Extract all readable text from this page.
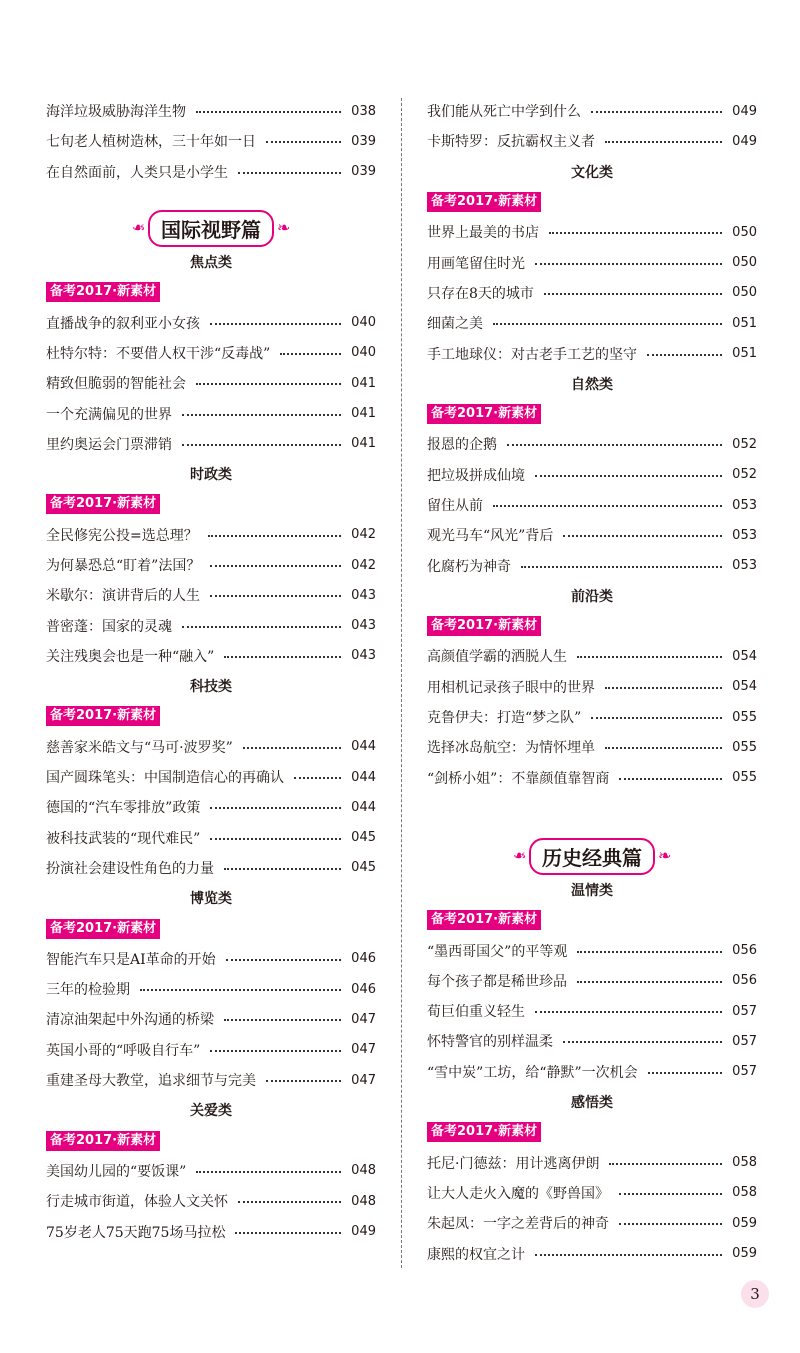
海洋垃圾威胁海洋生物	038
七旬老人植树造林，三十年如一日	039
在自然面前，人类只是小学生	039
❧ 国际视野篇	❧
焦点类
备考2017·新素材
直播战争的叙利亚小女孩	040
杜特尔特：不要借人权干涉“反毒战”	040
精致但脆弱的智能社会	041
一个充满偏见的世界	041
里约奥运会门票滞销	041
时政类
备考2017·新素材
全民修宪公投=选总理？	042
为何暴恐总“盯着”法国？	042
米歇尔：演讲背后的人生	043
普密蓬：国家的灵魂	043
关注残奥会也是一种“融入”	043
科技类
备考2017·新素材
慈善家米皓文与“马可·波罗奖”	044
国产圆珠笔头：中国制造信心的再确认	044
德国的“汽车零排放”政策	044
被科技武装的“现代难民”	045
扮演社会建设性角色的力量	045
博览类
备考2017·新素材
智能汽车只是AI革命的开始	046
三年的检验期	046
清凉油架起中外沟通的桥梁	047
英国小哥的“呼吸自行车”	047
重建圣母大教堂，追求细节与完美	047
关爱类
备考2017·新素材
美国幼儿园的“要饭课”	048
行走城市街道，体验人文关怀	048
75岁老人75天跑75场马拉松	049
我们能从死亡中学到什么	049
卡斯特罗：反抗霸权主义者	049
文化类
备考2017·新素材
世界上最美的书店	050
用画笔留住时光	050
只存在8天的城市	050
细菌之美	051
手工地球仪：对古老手工艺的坚守	051
自然类
备考2017·新素材
报恩的企鹅	052
把垃圾拼成仙境	052
留住从前	053
观光马车“风光”背后	053
化腐朽为神奇	053
前沿类
备考2017·新素材
高颜值学霸的洒脱人生	054
用相机记录孩子眼中的世界	054
克鲁伊夫：打造“梦之队”	055
选择冰岛航空：为情怀埋单	055
“剑桥小姐”：不靠颜值靠智商	055
❧ 历史经典篇	❧
温情类
备考2017·新素材
“墨西哥国父”的平等观	056
每个孩子都是稀世珍品	056
荀巨伯重义轻生	057
怀特警官的别样温柔	057
“雪中炭”工坊，给“静默”一次机会	057
感悟类
备考2017·新素材
托尼·门德兹：用计逃离伊朗	058
让大人走火入魔的《野兽国》	058
朱起凤：一字之差背后的神奇	059
康熙的权宜之计	059
3
